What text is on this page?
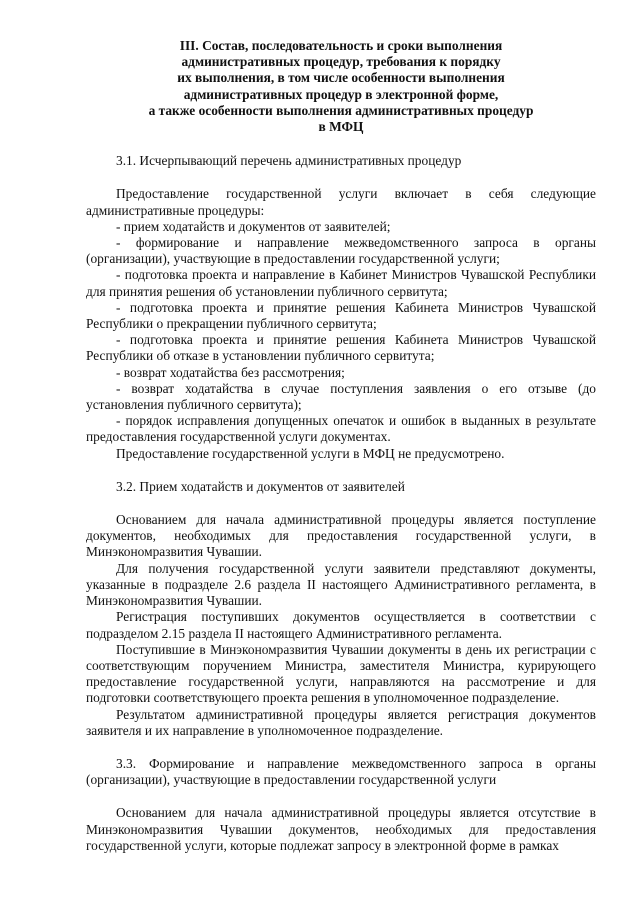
III. Состав, последовательность и сроки выполнения
административных процедур, требования к порядку
их выполнения, в том числе особенности выполнения
административных процедур в электронной форме,
а также особенности выполнения административных процедур
в МФЦ

3.1. Исчерпывающий перечень административных процедур

Предоставление государственной услуги включает в себя следующие административные процедуры:

- прием ходатайств и документов от заявителей;

- формирование и направление межведомственного запроса в органы (организации), участвующие в предоставлении государственной услуги;

- подготовка проекта и направление в Кабинет Министров Чувашской Республики для принятия решения об установлении публичного сервитута;

- подготовка проекта и принятие решения Кабинета Министров Чувашской Республики о прекращении публичного сервитута;

- подготовка проекта и принятие решения Кабинета Министров Чувашской Республики об отказе в установлении публичного сервитута;

- возврат ходатайства без рассмотрения;

- возврат ходатайства в случае поступления заявления о его отзыве (до установления публичного сервитута);

- порядок исправления допущенных опечаток и ошибок в выданных в результате предоставления государственной услуги документах.

Предоставление государственной услуги в МФЦ не предусмотрено.

3.2. Прием ходатайств и документов от заявителей

Основанием для начала административной процедуры является поступление документов, необходимых для предоставления государственной услуги, в Минэкономразвития Чувашии.

Для получения государственной услуги заявители представляют документы, указанные в подразделе 2.6 раздела II настоящего Административного регламента, в Минэкономразвития Чувашии.

Регистрация поступивших документов осуществляется в соответствии с подразделом 2.15 раздела II настоящего Административного регламента.

Поступившие в Минэкономразвития Чувашии документы в день их регистрации с соответствующим поручением Министра, заместителя Министра, курирующего предоставление государственной услуги, направляются на рассмотрение и для подготовки соответствующего проекта решения в уполномоченное подразделение.

Результатом административной процедуры является регистрация документов заявителя и их направление в уполномоченное подразделение.

3.3. Формирование и направление межведомственного запроса в органы (организации), участвующие в предоставлении государственной услуги

Основанием для начала административной процедуры является отсутствие в Минэкономразвития Чувашии документов, необходимых для предоставления государственной услуги, которые подлежат запросу в электронной форме в рамках
